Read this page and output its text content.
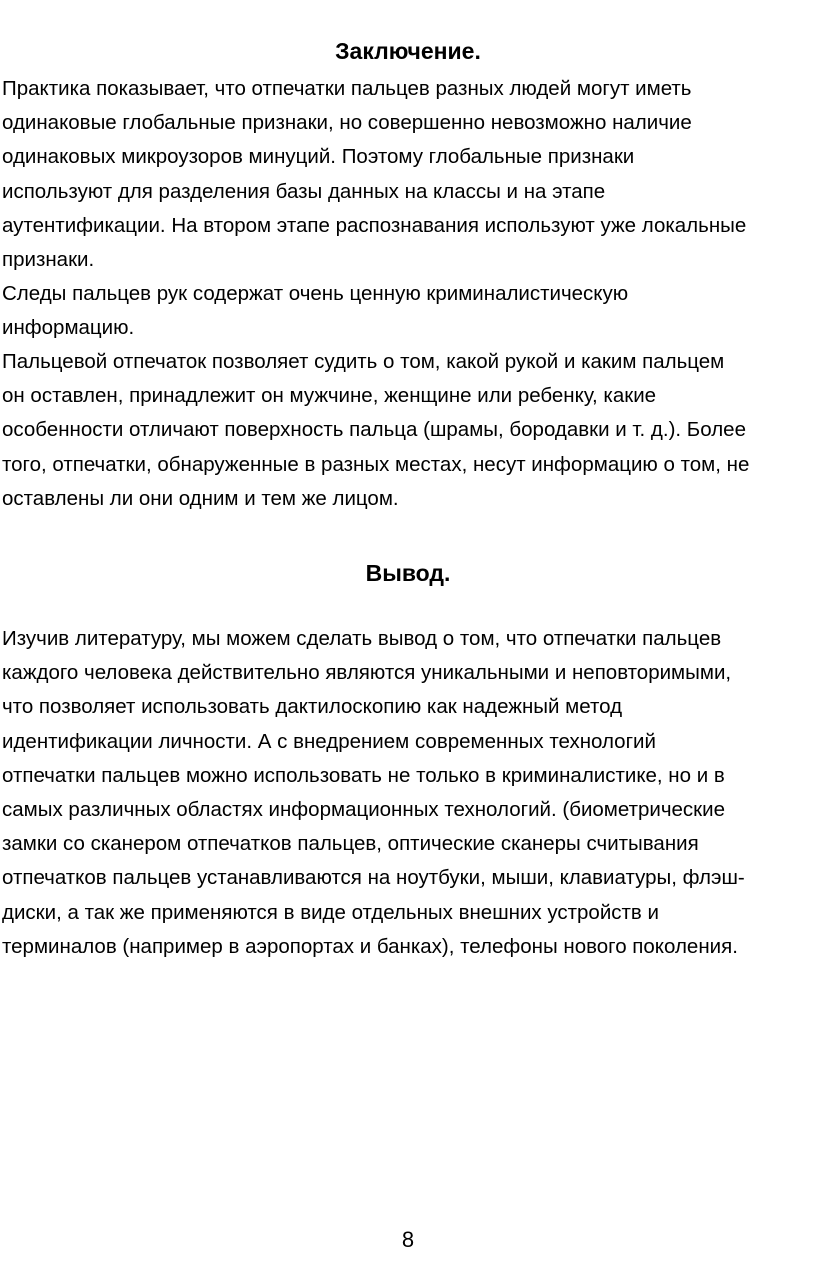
Заключение.

Практика показывает, что отпечатки пальцев разных людей могут иметь
одинаковые глобальные признаки, но совершенно невозможно наличие
одинаковых микроузоров минуций. Поэтому глобальные признаки
используют для разделения базы данных на классы и на этапе
аутентификации. На втором этапе распознавания используют уже локальные
признаки.

Следы пальцев рук содержат очень ценную криминалистическую
информацию.

Пальцевой отпечаток позволяет судить о том, какой рукой и каким пальцем
он оставлен, принадлежит он мужчине, женщине или ребенку, какие
особенности отличают поверхность пальца (шрамы, бородавки и т. д.). Более
того, отпечатки, обнаруженные в разных местах, несут информацию о том, не
оставлены ли они одним и тем же лицом.

Вывод.

Изучив литературу, мы можем сделать вывод о том, что отпечатки пальцев
каждого человека действительно являются уникальными и неповторимыми,
что позволяет использовать дактилоскопию как надежный метод
идентификации личности. А с внедрением современных технологий
отпечатки пальцев можно использовать не только в криминалистике, но и в
самых различных областях информационных технологий. (биометрические
замки со сканером отпечатков пальцев, оптические сканеры считывания
отпечатков пальцев устанавливаются на ноутбуки, мыши, клавиатуры, флэш-
диски, а так же применяются в виде отдельных внешних устройств и
терминалов (например в аэропортах и банках), телефоны нового поколения.

8
